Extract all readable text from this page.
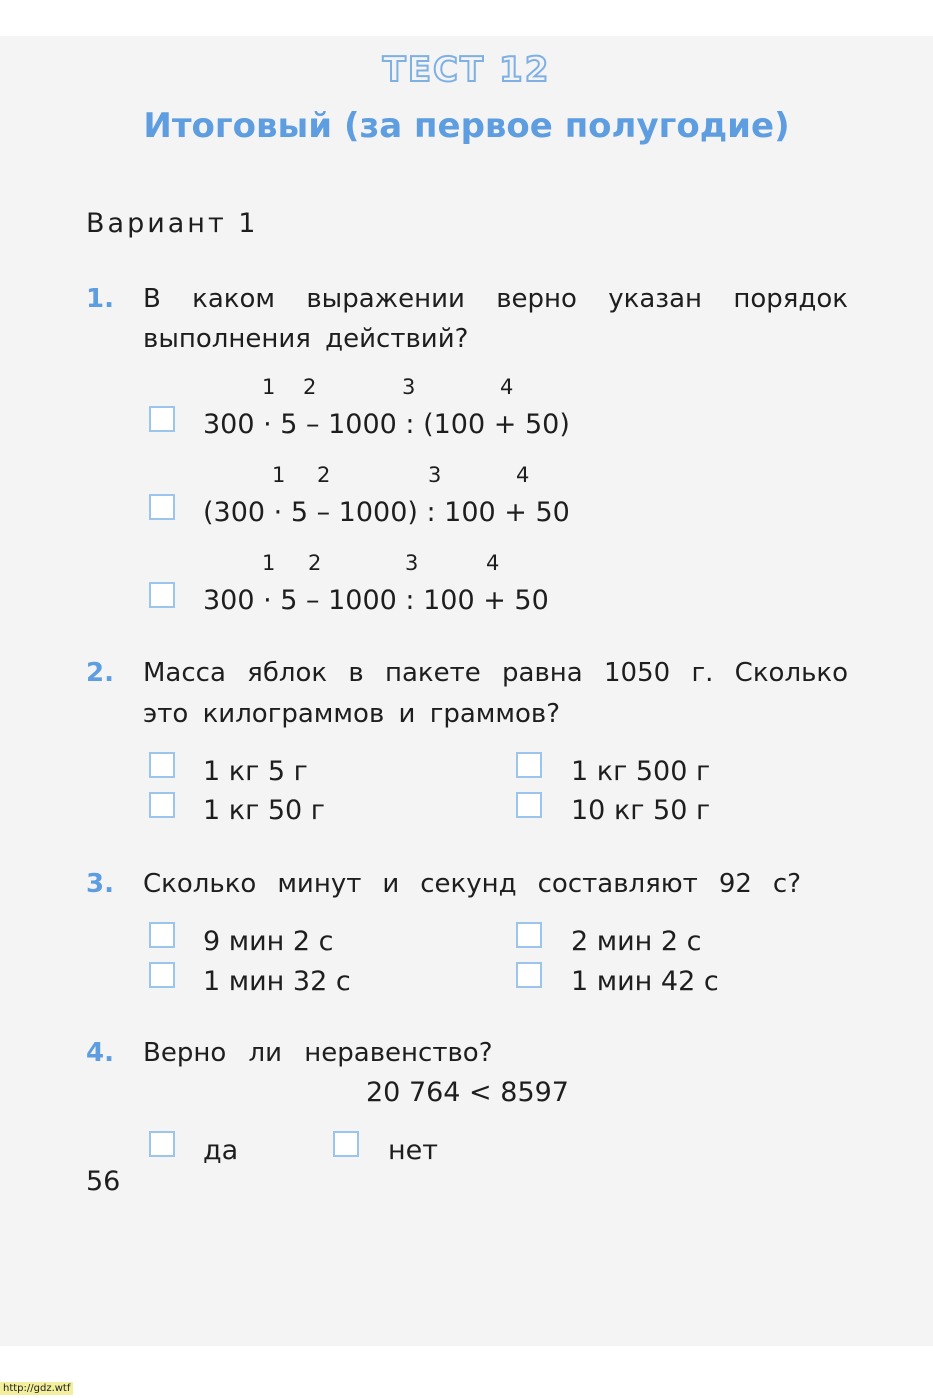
ТЕСТ 12
Итоговый (за первое полугодие)
Вариант 1
1. В каком выражении верно указан порядок
выполнения действий?
1 2	3	4
300 · 5 – 1000 : (100 + 50)
1 2	3	4
(300 · 5 – 1000) : 100 + 50
1 2	3	4
300 · 5 – 1000 : 100 + 50
2. Масса яблок в пакете равна 1050 г. Сколько
это килограммов и граммов?
1 кг 5 г	1 кг 500 г
1 кг 50 г	10 кг 50 г
3. Сколько минут и секунд составляют 92 с?
9 мин 2 с	2 мин 2 с
1 мин 32 с	1 мин 42 с
4. Верно ли неравенство?
20 764 < 8597
да	нет
56
http://gdz.wtf
